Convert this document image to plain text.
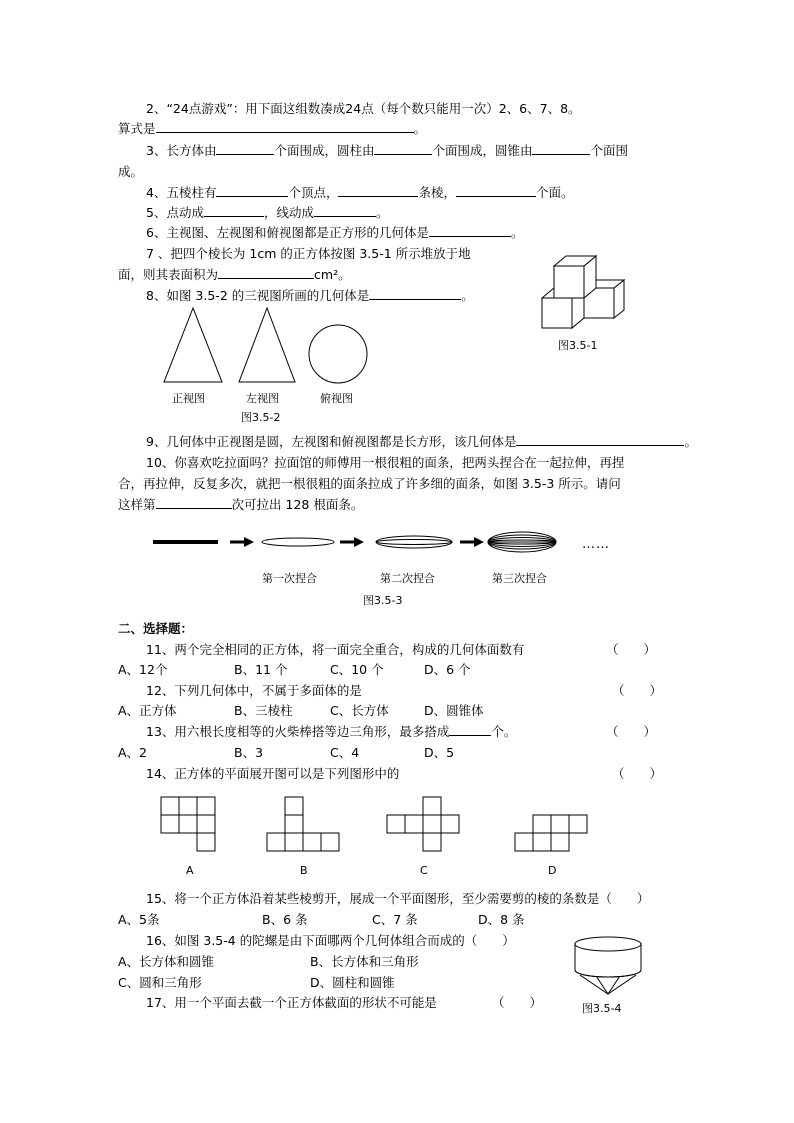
2、“24点游戏”：用下面这组数凑成24点（每个数只能用一次）2、6、7、8。
算式是	。
3、长方体由	个面围成，圆柱由	个面围成，圆锥由	个面围
成。
4、五棱柱有	个顶点，	条棱，	个面。
5、点动成	，线动成	。
6、主视图、左视图和俯视图都是正方形的几何体是	。
7 、把四个棱长为 1cm 的正方体按图 3.5-1 所示堆放于地
面，则其表面积为	cm²。
8、如图 3.5-2 的三视图所画的几何体是	。
图3.5-1
正视图	左视图	俯视图
图3.5-2
9、几何体中正视图是圆，左视图和俯视图都是长方形，该几何体是	。
10、你喜欢吃拉面吗？拉面馆的师傅用一根很粗的面条，把两头捏合在一起拉伸，再捏
合，再拉伸，反复多次，就把一根很粗的面条拉成了许多细的面条，如图 3.5-3 所示。请问
这样第	次可拉出 128 根面条。
……
第一次捏合	第二次捏合	第三次捏合
图3.5-3
二、选择题：
11、两个完全相同的正方体，将一面完全重合，构成的几何体面数有	（　　）
A、12个	B、11 个	C、10 个	D、6 个
12、下列几何体中，不属于多面体的是	（　　）
A、正方体	B、三棱柱	C、长方体	D、圆锥体
13、用六根长度相等的火柴棒搭等边三角形，最多搭成	个。	（　　）
A、2	B、3	C、4	D、5
14、正方体的平面展开图可以是下列图形中的	（　　）
A	B	C	D
15、将一个正方体沿着某些棱剪开，展成一个平面图形，至少需要剪的棱的条数是（　　）
A、5条	B、6 条	C、7 条	D、8 条
16、如图 3.5-4 的陀螺是由下面哪两个几何体组合而成的（　　）
A、长方体和圆锥	B、长方体和三角形
C、圆和三角形	D、圆柱和圆锥
图3.5-4
17、用一个平面去截一个正方体截面的形状不可能是	（　　）
